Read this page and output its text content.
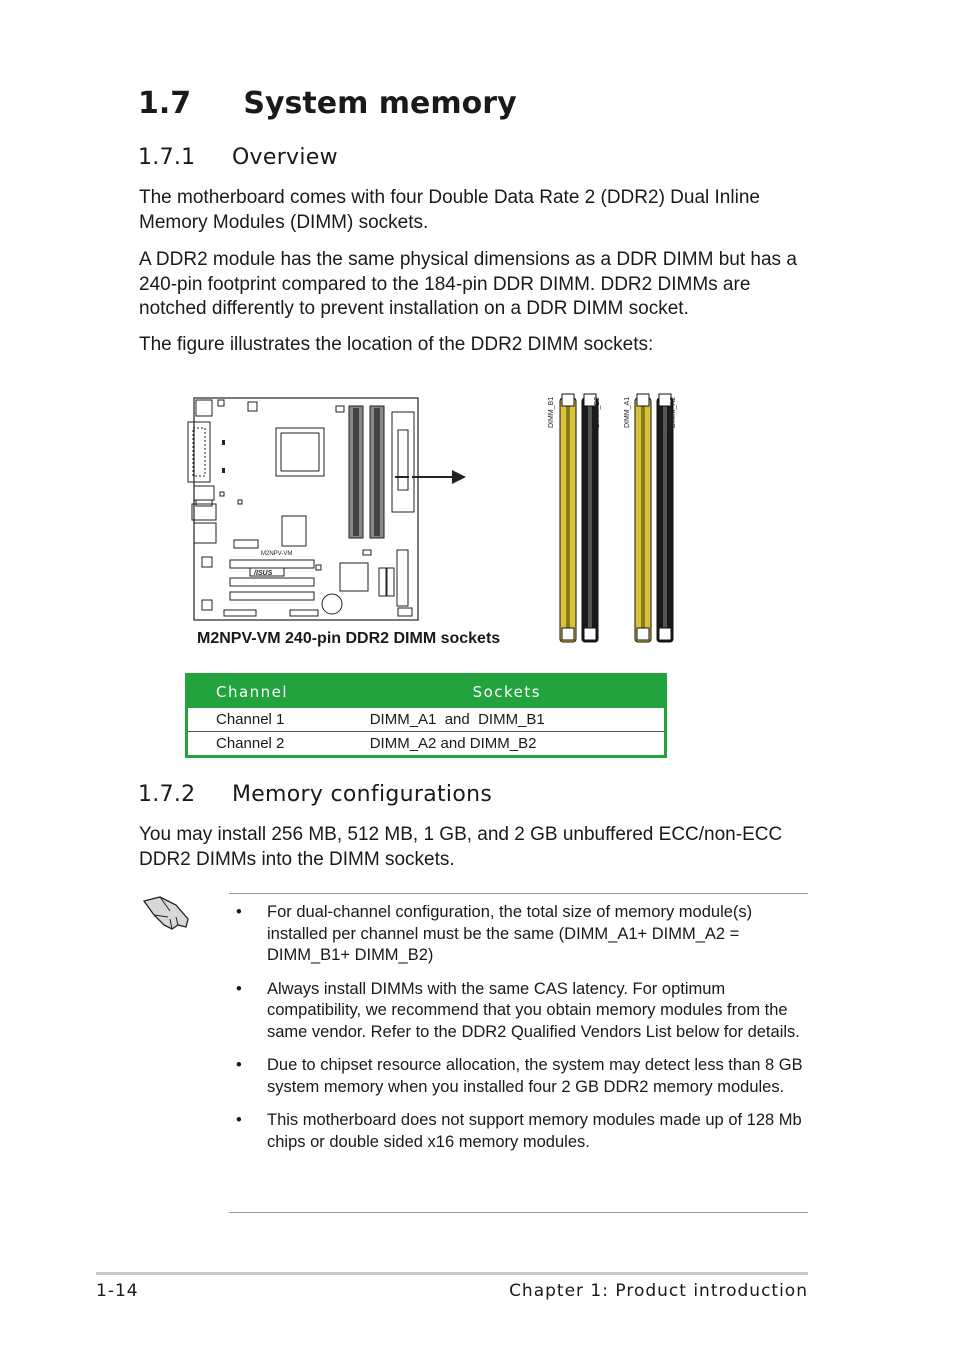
1.7 System memory
1.7.1     Overview
The motherboard comes with four Double Data Rate 2 (DDR2) Dual Inline Memory Modules (DIMM) sockets.
A DDR2 module has the same physical dimensions as a DDR DIMM but has a 240-pin footprint compared to the 184-pin DDR DIMM. DDR2 DIMMs are notched differently to prevent installation on a DDR DIMM socket.
The figure illustrates the location of the DDR2 DIMM sockets:
M2NPV-VM
/ISUS
DIMM_B1	DIMM_B2	DIMM_A1	DIMM_A2
M2NPV-VM 240-pin DDR2 DIMM sockets
Channel	Sockets
Channel 1	DIMM_A1  and  DIMM_B1
Channel 2	DIMM_A2 and DIMM_B2
1.7.2     Memory configurations
You may install 256 MB, 512 MB, 1 GB, and 2 GB unbuffered ECC/non-ECC DDR2 DIMMs into the DIMM sockets.
• For dual-channel configuration, the total size of memory module(s) installed per channel must be the same (DIMM_A1+ DIMM_A2 = DIMM_B1+ DIMM_B2)
• Always install DIMMs with the same CAS latency. For optimum compatibility, we recommend that you obtain memory modules from the same vendor. Refer to the DDR2 Qualified Vendors List below for details.
• Due to chipset resource allocation, the system may detect less than 8 GB system memory when you installed four 2 GB DDR2 memory modules.
• This motherboard does not support memory modules made up of 128 Mb chips or double sided x16 memory modules.
1-14	Chapter 1: Product introduction
